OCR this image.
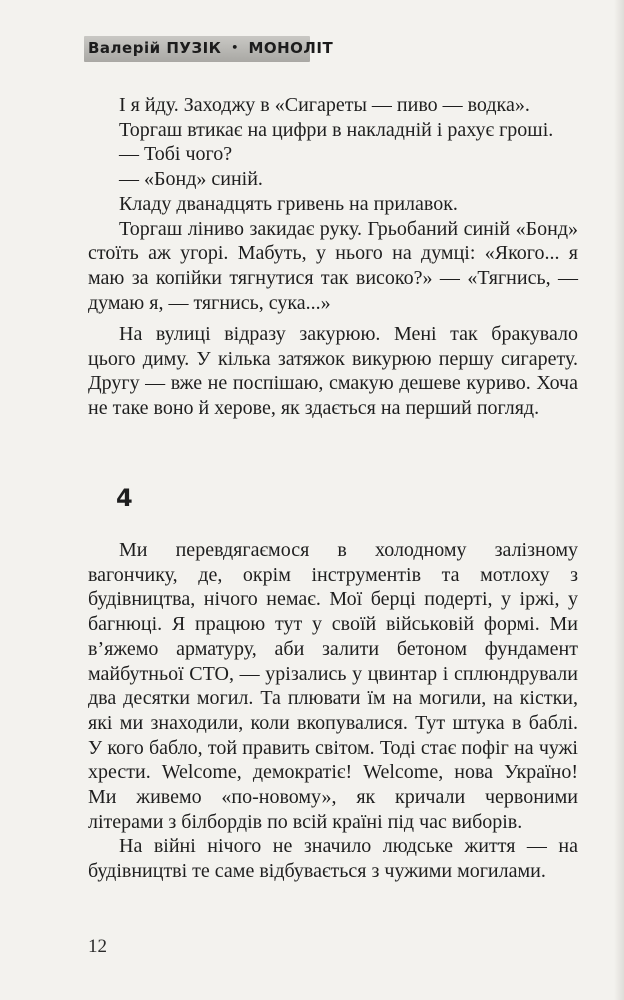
Валерій ПУЗІК • МОНОЛІТ

І я йду. Заходжу в «Сигареты — пиво — водка».

Торгаш втикає на цифри в накладній і рахує гроші.

— Тобі чого?

— «Бонд» синій.

Кладу дванадцять гривень на прилавок.

Торгаш ліниво закидає руку. Грьобаний синій «Бонд» стоїть аж угорі. Мабуть, у нього на думці: «Якого... я маю за копійки тягнутися так високо?» — «Тягнись, — думаю я, — тягнись, сука...»

На вулиці відразу закурюю. Мені так бракувало цього диму. У кілька затяжок викурюю першу сигарету. Другу — вже не поспішаю, смакую дешеве куриво. Хоча не таке воно й херове, як здається на перший погляд.

4

Ми перевдягаємося в холодному залізному вагончику, де, окрім інструментів та мотлоху з будівництва, нічого немає. Мої берці подерті, у іржі, у багнюці. Я працюю тут у своїй військовій формі. Ми в’яжемо арматуру, аби залити бетоном фундамент майбутньої СТО, — урізались у цвинтар і сплюндрували два десятки могил. Та плювати їм на могили, на кістки, які ми знаходили, коли вкопувалися. Тут штука в баблі. У кого бабло, той править світом. Тоді стає пофіг на чужі хрести. Welcome, демократіє! Welcome, нова Україно! Ми живемо «по-новому», як кричали червоними літерами з білбордів по всій країні під час виборів.

На війні нічого не значило людське життя — на будівництві те саме відбувається з чужими могилами.

12
